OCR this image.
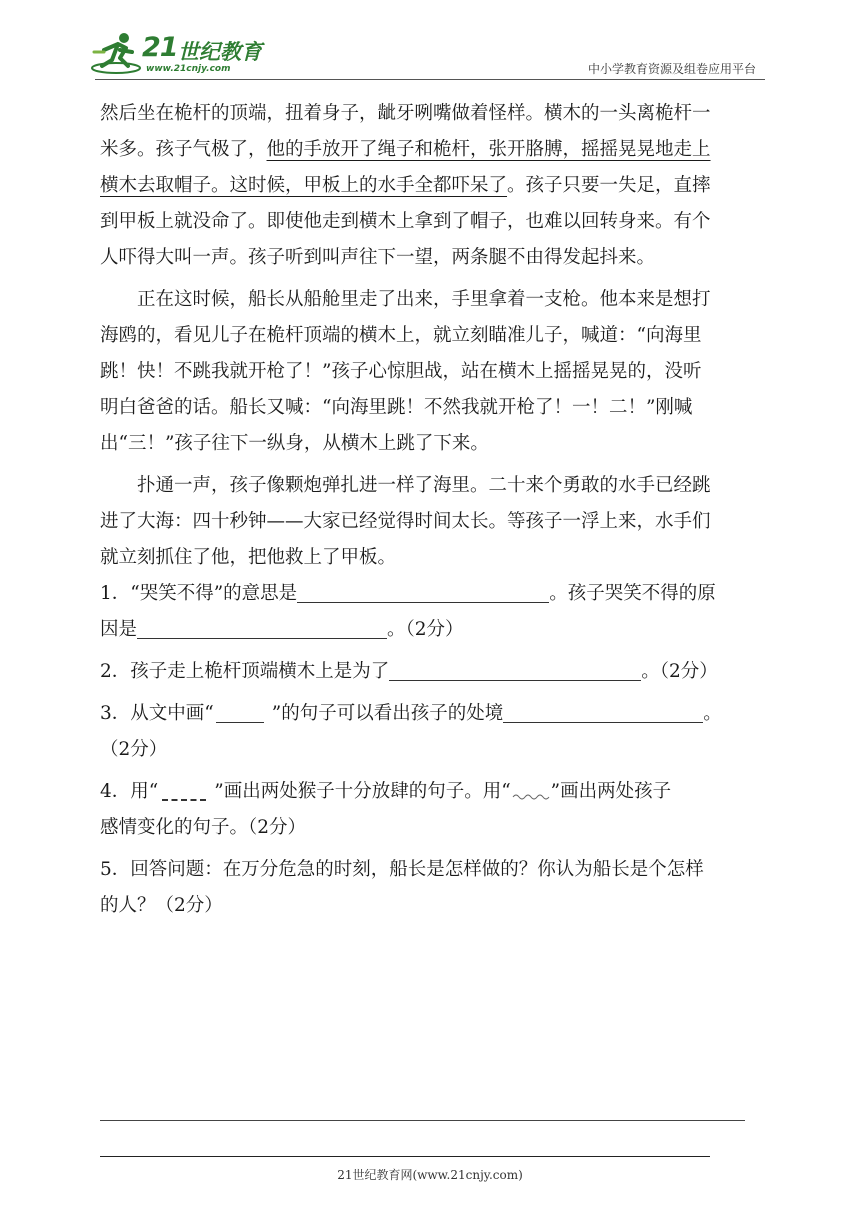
21 世纪教育
www.21cnjy.com	中小学教育资源及组卷应用平台
然后坐在桅杆的顶端，扭着身子，龇牙咧嘴做着怪样。横木的一头离桅杆一
米多。孩子气极了，他的手放开了绳子和桅杆，张开胳膊，摇摇晃晃地走上
横木去取帽子。这时候，甲板上的水手全都吓呆了。孩子只要一失足，直摔
到甲板上就没命了。即使他走到横木上拿到了帽子，也难以回转身来。有个
人吓得大叫一声。孩子听到叫声往下一望，两条腿不由得发起抖来。
正在这时候，船长从船舱里走了出来，手里拿着一支枪。他本来是想打
海鸥的，看见儿子在桅杆顶端的横木上，就立刻瞄准儿子，喊道：“向海里
跳！快！不跳我就开枪了！”孩子心惊胆战，站在横木上摇摇晃晃的，没听
明白爸爸的话。船长又喊：“向海里跳！不然我就开枪了！一！二！”刚喊
出“三！”孩子往下一纵身，从横木上跳了下来。
扑通一声，孩子像颗炮弹扎进一样了海里。二十来个勇敢的水手已经跳
进了大海：四十秒钟——大家已经觉得时间太长。等孩子一浮上来，水手们
就立刻抓住了他，把他救上了甲板。
1．“哭笑不得”的意思是	。孩子哭笑不得的原
因是	。（2分）
2．孩子走上桅杆顶端横木上是为了	。（2分）
3．从文中画“	”的句子可以看出孩子的处境	。
（2分）
4．用“	”画出两处猴子十分放肆的句子。用“ ”画出两处孩子
感情变化的句子。（2分）
5．回答问题：在万分危急的时刻，船长是怎样做的？你认为船长是个怎样
的人？（2分）
21世纪教育网(www.21cnjy.com)
